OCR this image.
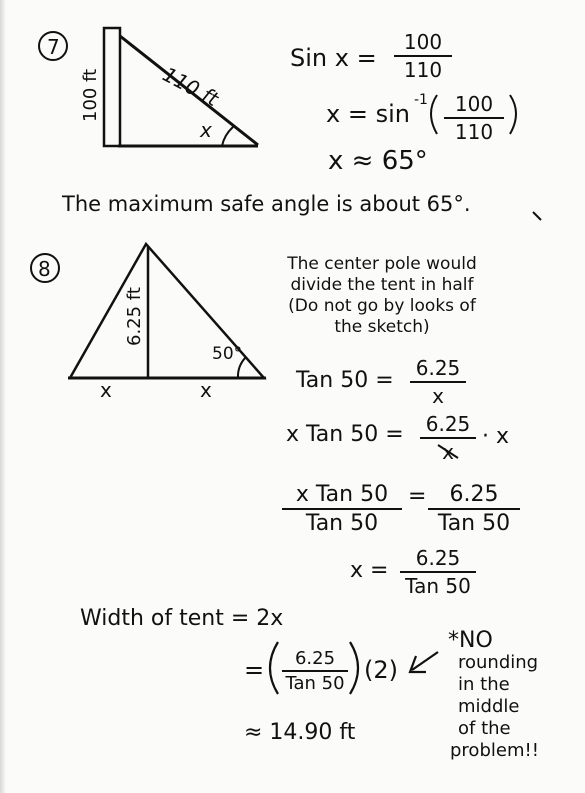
7
100 ft	110 ft
x
Sin x =
100
110
x = sin -1	100
110
x ≈ 65°
The maximum safe angle is about 65°.
8
6.25 ft
50°
x	x
The center pole would
divide the tent in half
(Do not go by looks of
the sketch)
Tan 50 = 6.25
x
x Tan 50 = 6.25
x
· x
x Tan 50
Tan 50
=	6.25
Tan 50
x =	6.25
Tan 50
Width of tent = 2x
=	6.25
Tan 50 (2)
≈ 14.90 ft
*NO
rounding
in the
middle
of the
problem!!
